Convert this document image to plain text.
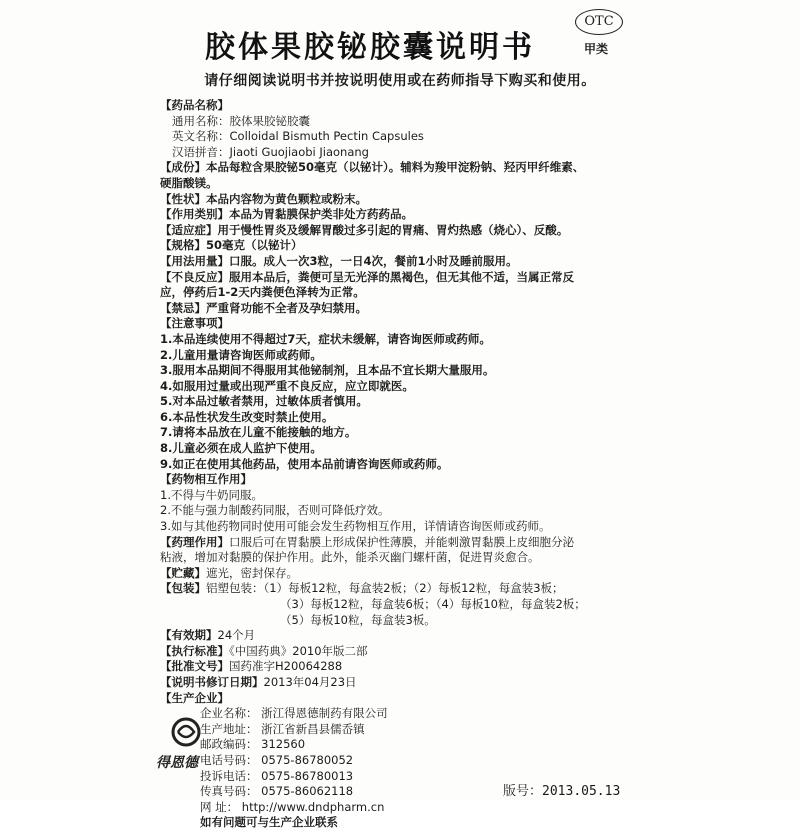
胶体果胶铋胶囊说明书
OTC
甲类
请仔细阅读说明书并按说明使用或在药师指导下购买和使用。
【药品名称】
通用名称：胶体果胶铋胶囊
英文名称：Colloidal Bismuth Pectin Capsules
汉语拼音：Jiaoti Guojiaobi Jiaonang
【成份】本品每粒含果胶铋50毫克（以铋计）。辅料为羧甲淀粉钠、羟丙甲纤维素、
硬脂酸镁。
【性状】本品内容物为黄色颗粒或粉末。
【作用类别】本品为胃黏膜保护类非处方药药品。
【适应症】用于慢性胃炎及缓解胃酸过多引起的胃痛、胃灼热感（烧心）、反酸。
【规格】50毫克（以铋计）
【用法用量】口服。成人一次3粒，一日4次，餐前1小时及睡前服用。
【不良反应】服用本品后，粪便可呈无光泽的黑褐色，但无其他不适，当属正常反
应，停药后1-2天内粪便色泽转为正常。
【禁忌】严重肾功能不全者及孕妇禁用。
【注意事项】
1.本品连续使用不得超过7天，症状未缓解，请咨询医师或药师。
2.儿童用量请咨询医师或药师。
3.服用本品期间不得服用其他铋制剂，且本品不宜长期大量服用。
4.如服用过量或出现严重不良反应，应立即就医。
5.对本品过敏者禁用，过敏体质者慎用。
6.本品性状发生改变时禁止使用。
7.请将本品放在儿童不能接触的地方。
8.儿童必须在成人监护下使用。
9.如正在使用其他药品，使用本品前请咨询医师或药师。
【药物相互作用】
1.不得与牛奶同服。
2.不能与强力制酸药同服，否则可降低疗效。
3.如与其他药物同时使用可能会发生药物相互作用，详情请咨询医师或药师。
【药理作用】口服后可在胃黏膜上形成保护性薄膜，并能刺激胃黏膜上皮细胞分泌
粘液，增加对黏膜的保护作用。此外，能杀灭幽门螺杆菌，促进胃炎愈合。
【贮藏】遮光，密封保存。
【包装】铝塑包装：（1）每板12粒，每盒装2板；（2）每板12粒，每盒装3板；
（3）每板12粒，每盒装6板；（4）每板10粒，每盒装2板；
（5）每板10粒，每盒装3板。
【有效期】24个月
【执行标准】《中国药典》2010年版二部
【批准文号】国药准字H20064288
【说明书修订日期】2013年04月23日
【生产企业】
得恩德
企业名称： 浙江得恩德制药有限公司
生产地址： 浙江省新昌县儒岙镇
邮政编码： 312560
电话号码： 0575-86780052
投诉电话： 0575-86780013
传真号码： 0575-86062118
网 址： http://www.dndpharm.cn
如有问题可与生产企业联系
版号：2013.05.13
